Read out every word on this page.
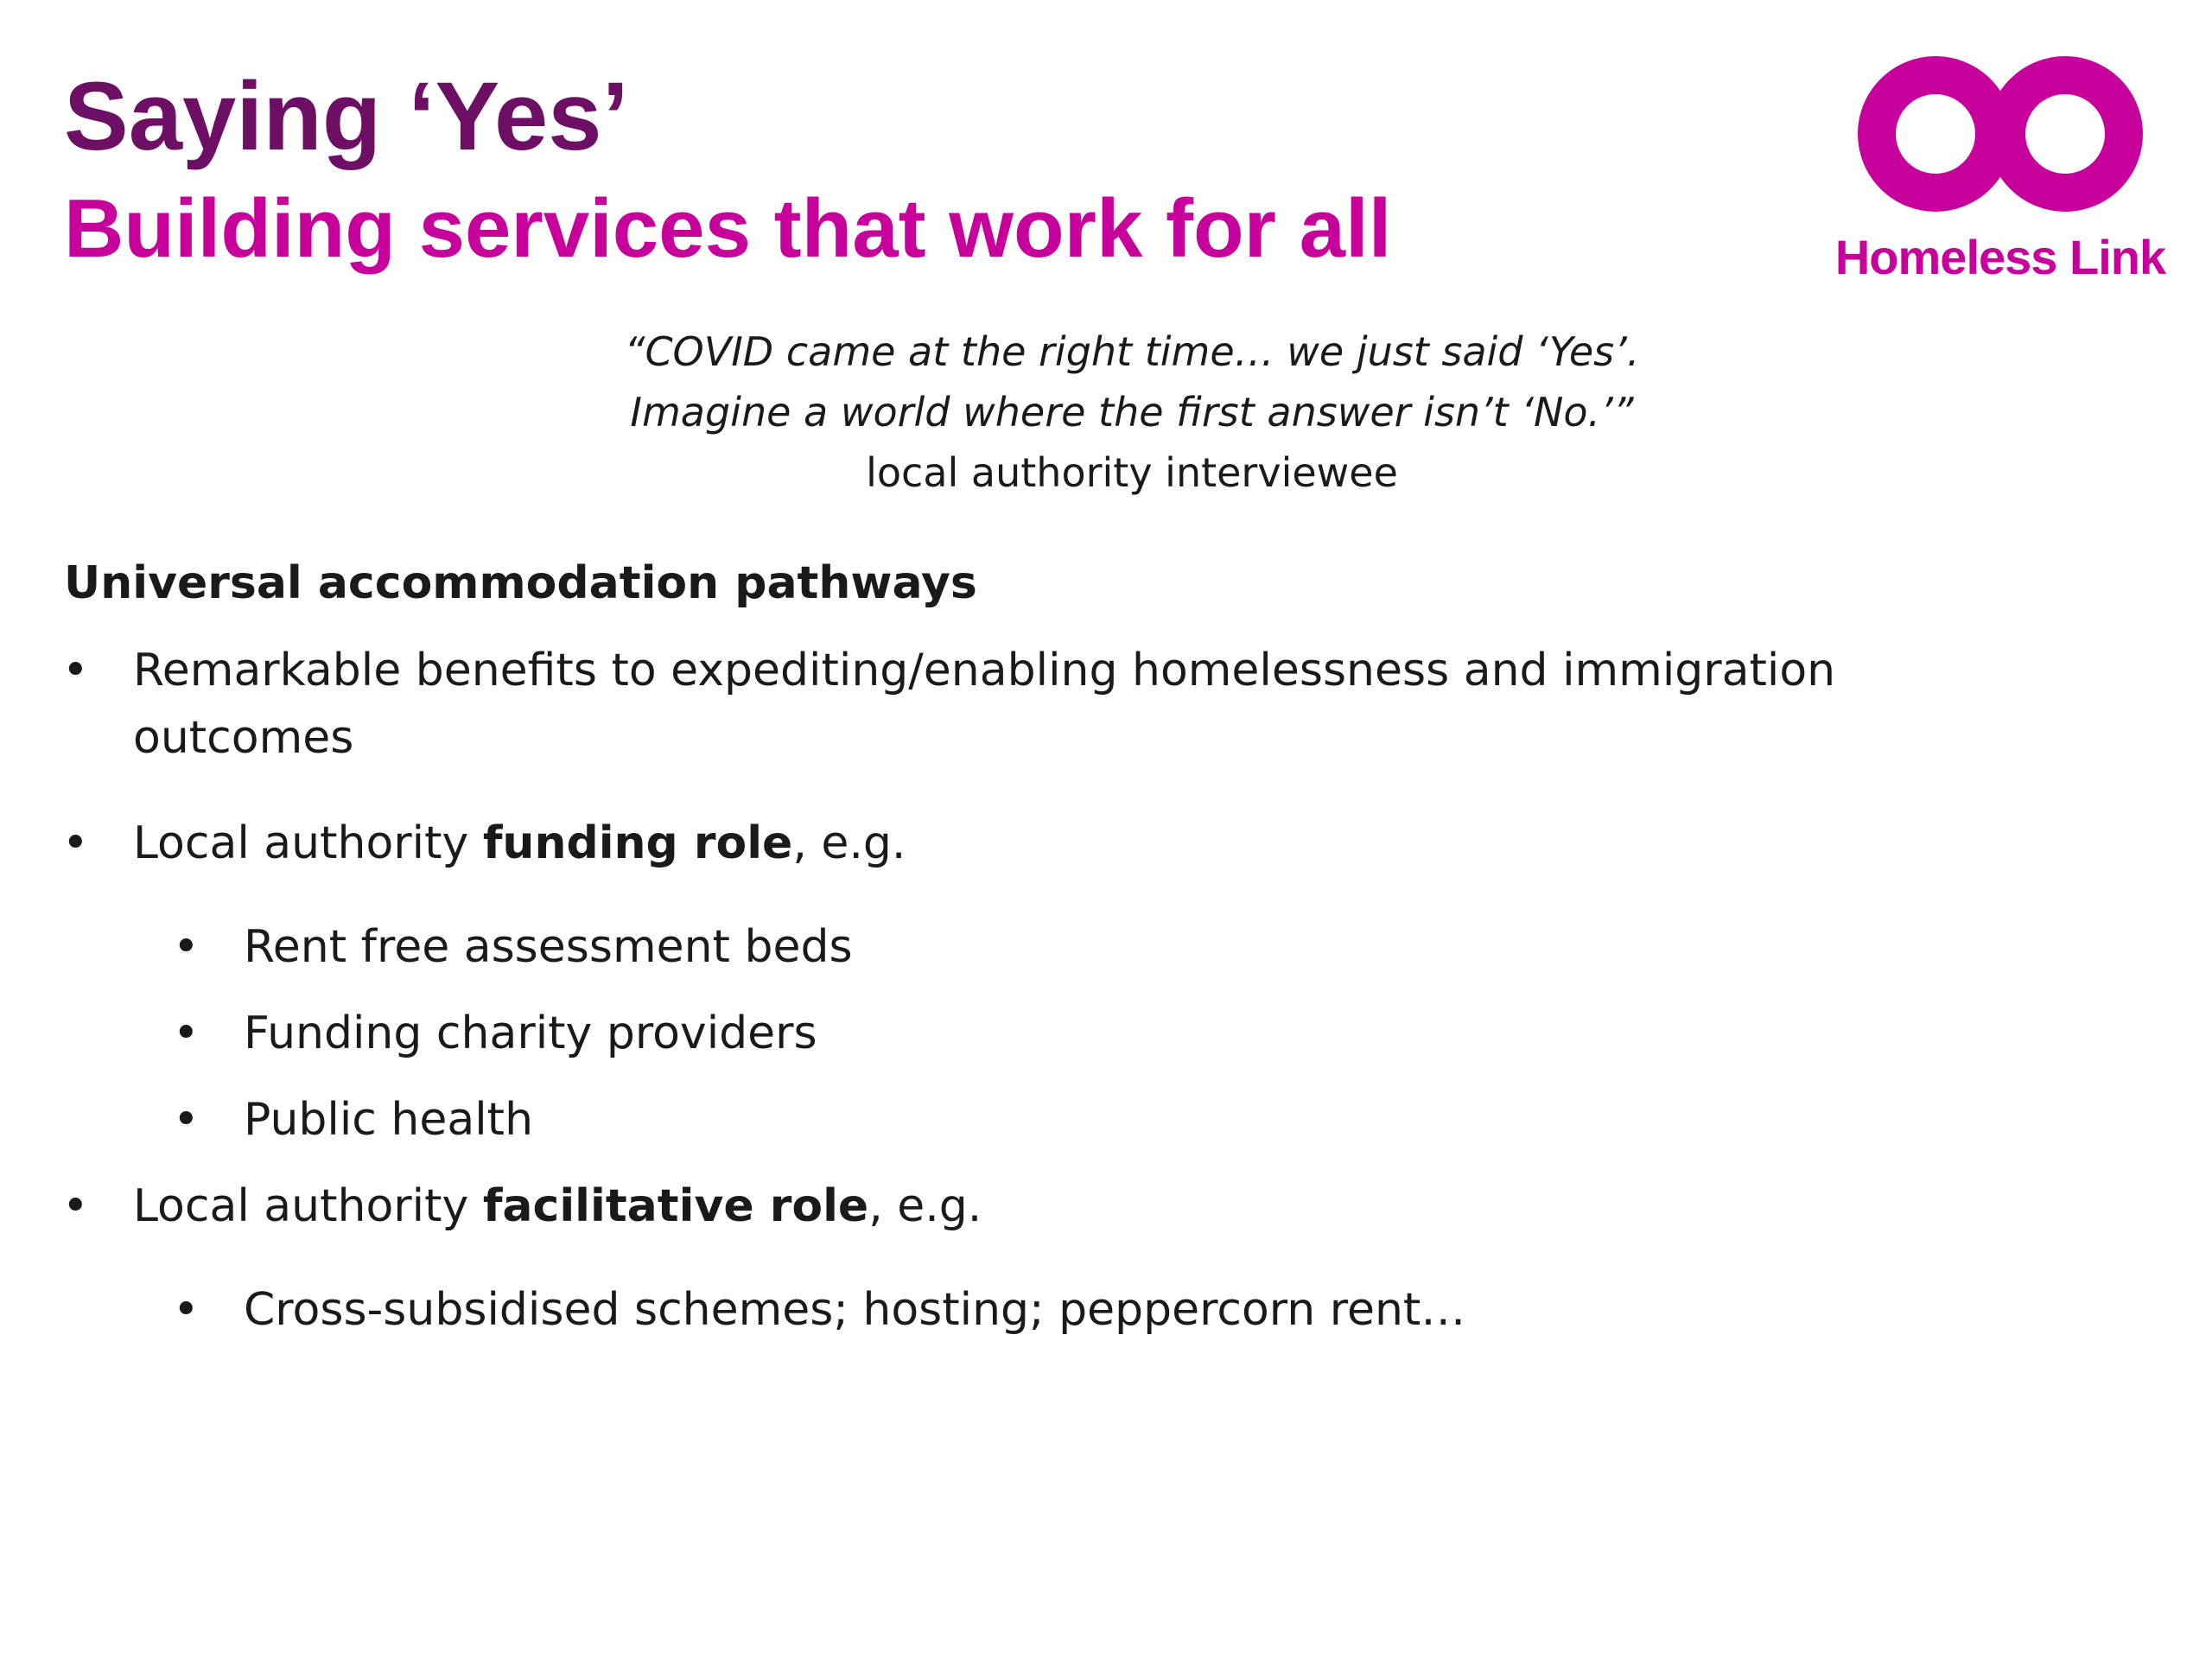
Saying ‘Yes’
Building services that work for all	Homeless Link
“COVID came at the right time… we just said ‘Yes’.
Imagine a world where the first answer isn’t ‘No.’”
local authority interviewee
Universal accommodation pathways
• Remarkable benefits to expediting/enabling homelessness and immigration
outcomes
• Local authority funding role, e.g.
• Rent free assessment beds
• Funding charity providers
• Public health
• Local authority facilitative role, e.g.
• Cross-subsidised schemes; hosting; peppercorn rent…
